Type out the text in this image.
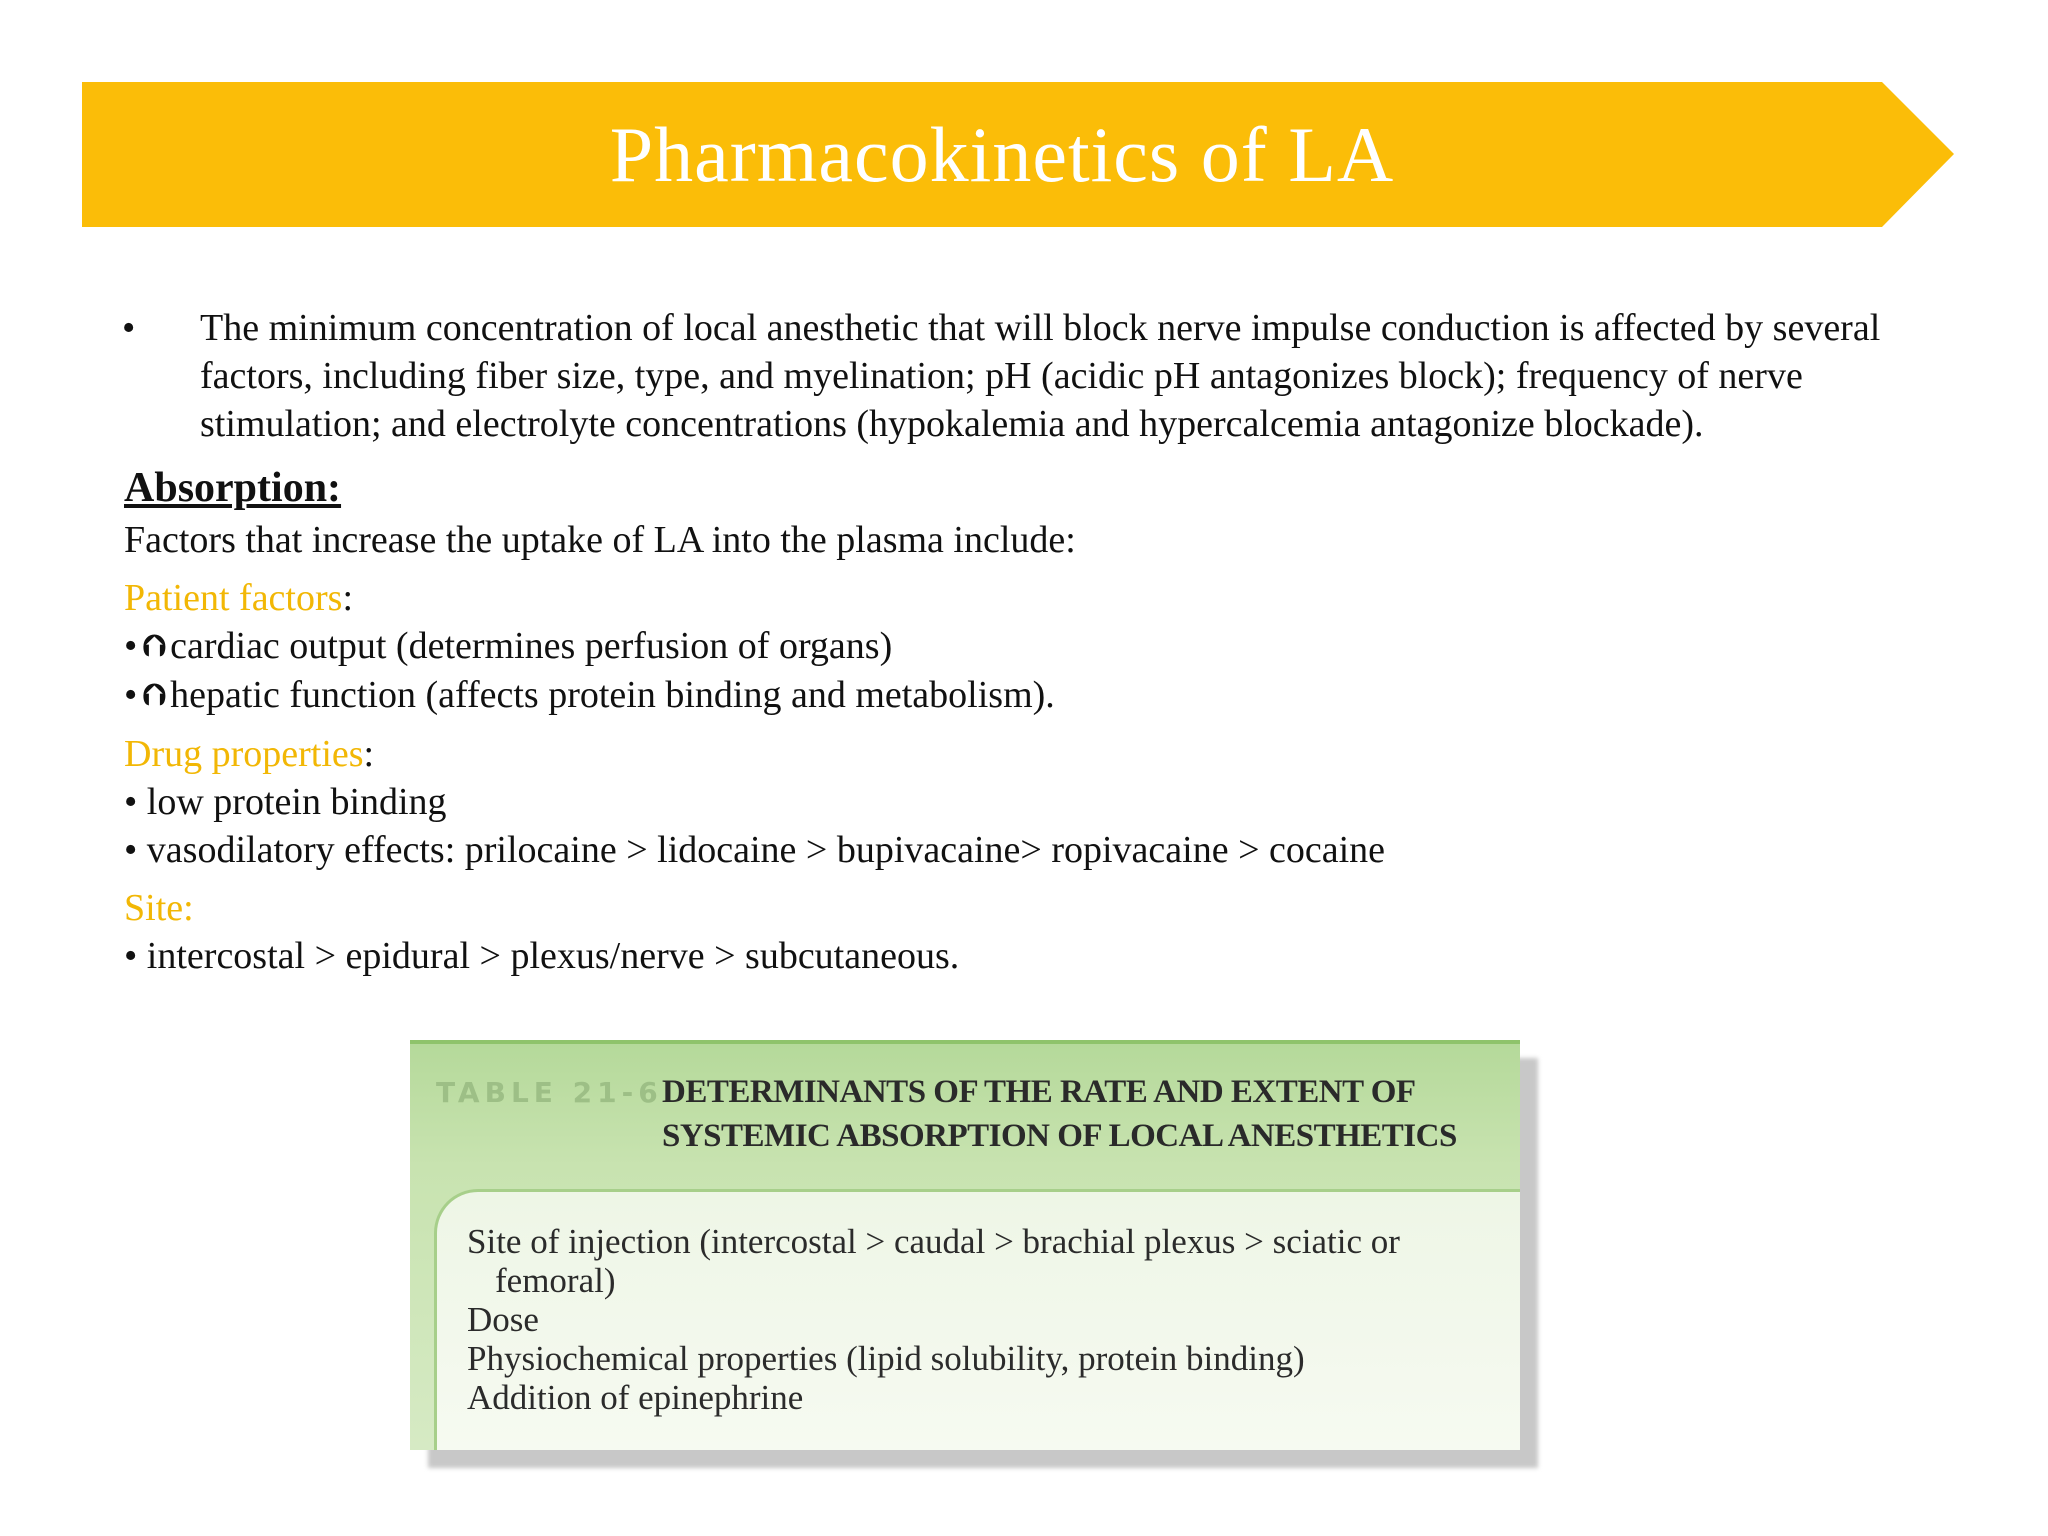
Pharmacokinetics of LA
• The minimum concentration of local anesthetic that will block nerve impulse conduction is affected by several factors, including fiber size, type, and myelination; pH (acidic pH antagonizes block); frequency of nerve stimulation; and electrolyte concentrations (hypokalemia and hypercalcemia antagonize blockade).
Absorption:
Factors that increase the uptake of LA into the plasma include:
Patient factors:
• ⮉ cardiac output (determines perfusion of organs)
• ⮉ hepatic function (affects protein binding and metabolism).
Drug properties:
• low protein binding
• vasodilatory effects: prilocaine > lidocaine > bupivacaine> ropivacaine > cocaine
Site:
• intercostal > epidural > plexus/nerve > subcutaneous.
TABLE 21-6 DETERMINANTS OF THE RATE AND EXTENT OF
SYSTEMIC ABSORPTION OF LOCAL ANESTHETICS
Site of injection (intercostal > caudal > brachial plexus > sciatic or
femoral)
Dose
Physiochemical properties (lipid solubility, protein binding)
Addition of epinephrine
